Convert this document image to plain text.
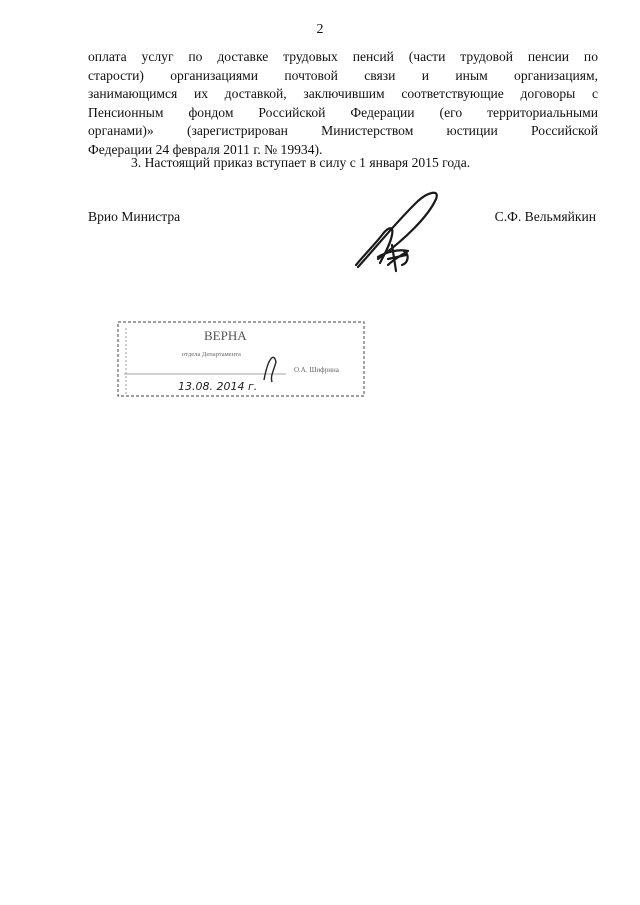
2
оплата услуг по доставке трудовых пенсий (части трудовой пенсии по
старости) организациями почтовой связи и иным организациям,
занимающимся их доставкой, заключившим соответствующие договоры с
Пенсионным фондом Российской Федерации (его территориальными
органами)» (зарегистрирован Министерством юстиции Российской
Федерации 24 февраля 2011 г. № 19934).
3. Настоящий приказ вступает в силу с 1 января 2015 года.
Врио Министра	С.Ф. Вельмяйкин
ВЕРНА
отдела Департамента
О.А. Шифрина
13.08. 2014 г.
